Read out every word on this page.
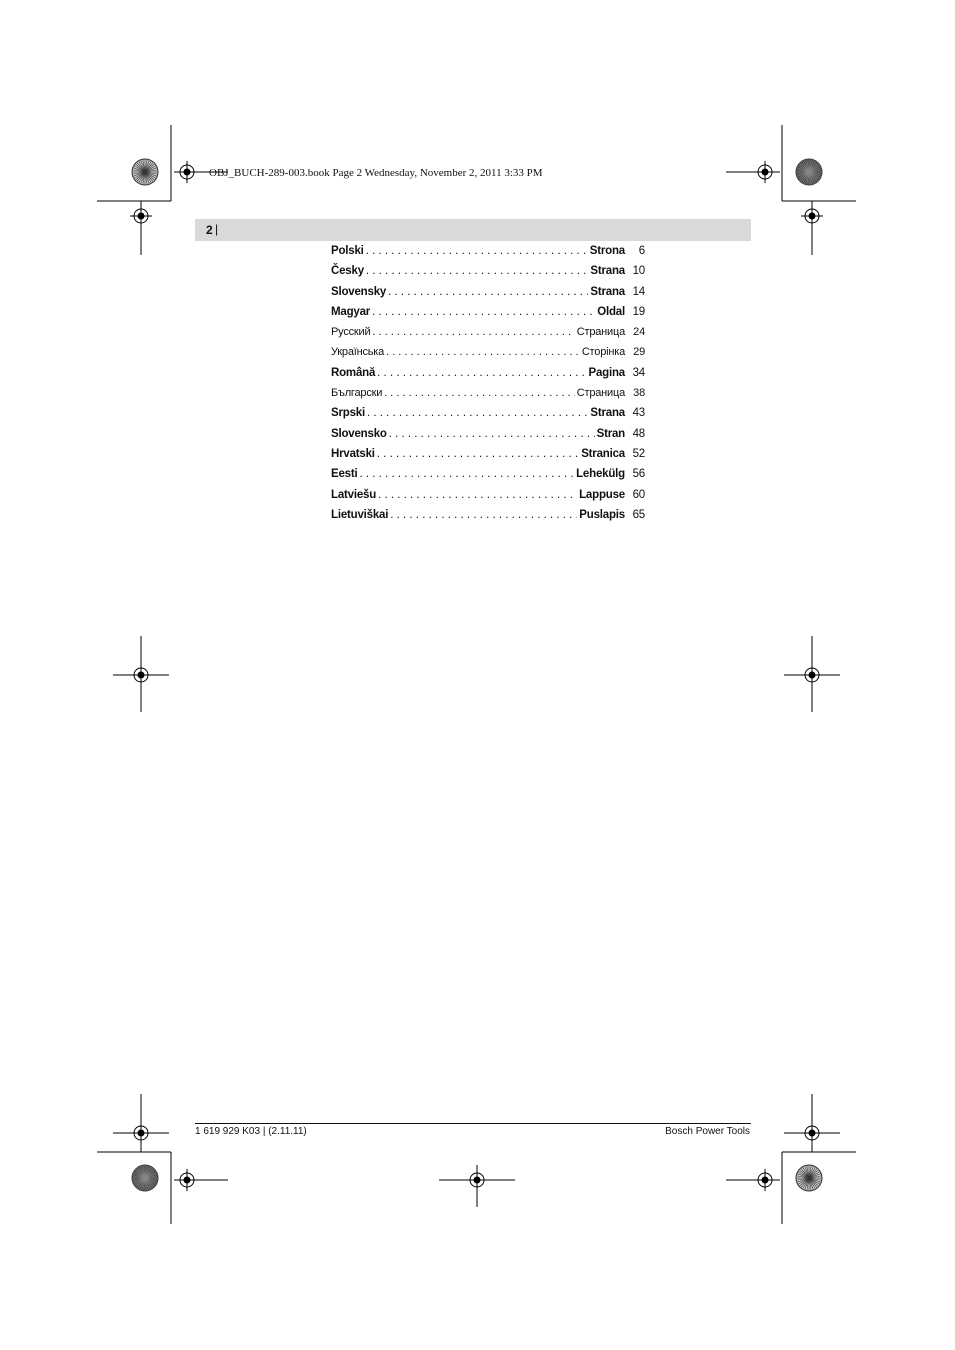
OBJ_BUCH-289-003.book Page 2 Wednesday, November 2, 2011 3:33 PM
2 |
Polski . . .	Strona	6
Česky . . .	Strana 10
Slovensky . . .	Strana 14
Magyar . . .	Oldal 19
Русский . . .	Страница 24
Українська . . .	Сторінка 29
Română . . .	Pagina 34
Български . . .	Страница 38
Srpski . . .	Strana 43
Slovensko . . .	Stran 48
Hrvatski . . .	Stranica 52
Eesti . . .	Lehekülg 56
Latviešu . . .	Lappuse 60
Lietuviškai . . .	Puslapis 65
1 619 929 K03 | (2.11.11)	Bosch Power Tools
